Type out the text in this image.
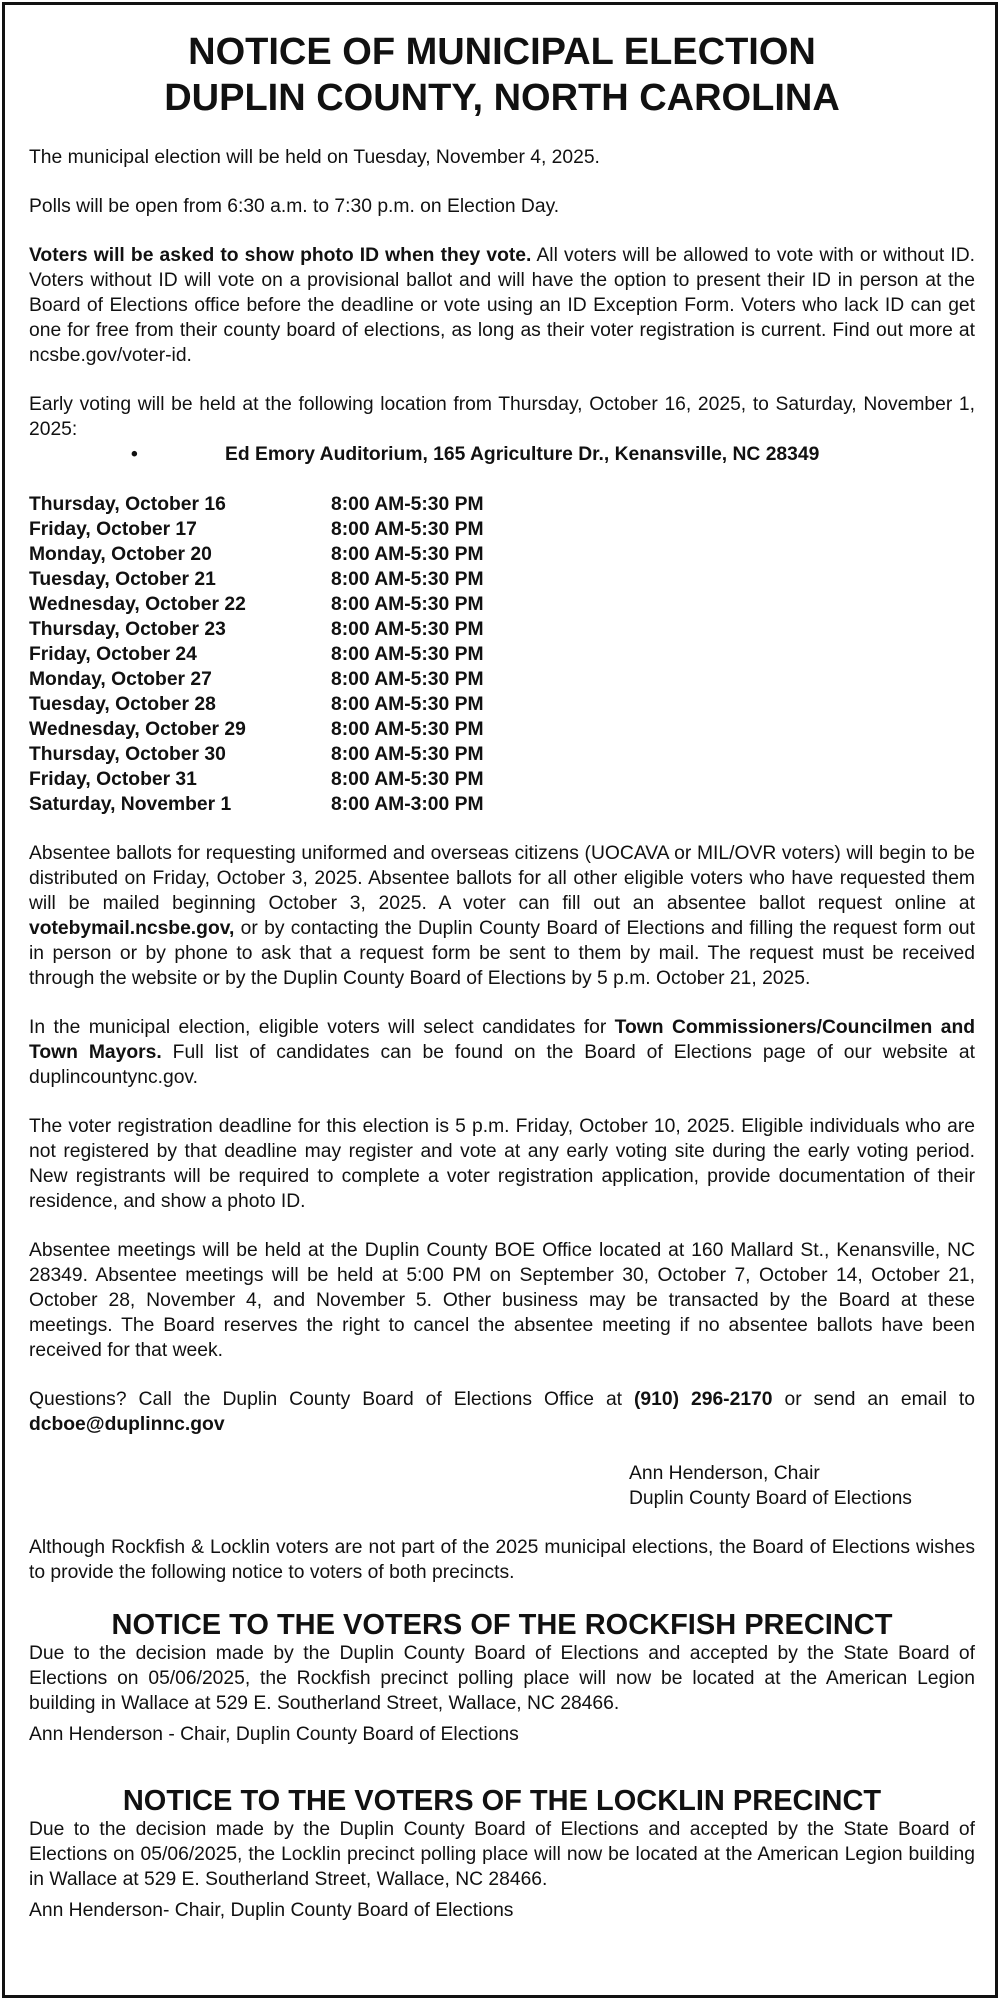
NOTICE OF MUNICIPAL ELECTION
DUPLIN COUNTY, NORTH CAROLINA

The municipal election will be held on Tuesday, November 4, 2025.

Polls will be open from 6:30 a.m. to 7:30 p.m. on Election Day.

Voters will be asked to show photo ID when they vote. All voters will be allowed to vote with or without ID. Voters without ID will vote on a provisional ballot and will have the option to present their ID in person at the Board of Elections office before the deadline or vote using an ID Exception Form. Voters who lack ID can get one for free from their county board of elections, as long as their voter registration is current. Find out more at ncsbe.gov/voter-id.

Early voting will be held at the following location from Thursday, October 16, 2025, to Saturday, November 1, 2025:

•	Ed Emory Auditorium, 165 Agriculture Dr., Kenansville, NC 28349
Thursday, October 16	8:00 AM-5:30 PM
Friday, October 17	8:00 AM-5:30 PM
Monday, October 20	8:00 AM-5:30 PM
Tuesday, October 21	8:00 AM-5:30 PM
Wednesday, October 22	8:00 AM-5:30 PM
Thursday, October 23	8:00 AM-5:30 PM
Friday, October 24	8:00 AM-5:30 PM
Monday, October 27	8:00 AM-5:30 PM
Tuesday, October 28	8:00 AM-5:30 PM
Wednesday, October 29	8:00 AM-5:30 PM
Thursday, October 30	8:00 AM-5:30 PM
Friday, October 31	8:00 AM-5:30 PM
Saturday, November 1	8:00 AM-3:00 PM

Absentee ballots for requesting uniformed and overseas citizens (UOCAVA or MIL/OVR voters) will begin to be distributed on Friday, October 3, 2025. Absentee ballots for all other eligible voters who have requested them will be mailed beginning October 3, 2025. A voter can fill out an absentee ballot request online at votebymail.ncsbe.gov, or by contacting the Duplin County Board of Elections and filling the request form out in person or by phone to ask that a request form be sent to them by mail. The request must be received through the website or by the Duplin County Board of Elections by 5 p.m. October 21, 2025.

In the municipal election, eligible voters will select candidates for Town Commissioners/Councilmen and Town Mayors. Full list of candidates can be found on the Board of Elections page of our website at duplincountync.gov.

The voter registration deadline for this election is 5 p.m. Friday, October 10, 2025. Eligible individuals who are not registered by that deadline may register and vote at any early voting site during the early voting period. New registrants will be required to complete a voter registration application, provide documentation of their residence, and show a photo ID.

Absentee meetings will be held at the Duplin County BOE Office located at 160 Mallard St., Kenansville, NC 28349. Absentee meetings will be held at 5:00 PM on September 30, October 7, October 14, October 21, October 28, November 4, and November 5. Other business may be transacted by the Board at these meetings. The Board reserves the right to cancel the absentee meeting if no absentee ballots have been received for that week.

Questions? Call the Duplin County Board of Elections Office at (910) 296-2170 or send an email to dcboe@duplinnc.gov

Ann Henderson, Chair
Duplin County Board of Elections

Although Rockfish & Locklin voters are not part of the 2025 municipal elections, the Board of Elections wishes to provide the following notice to voters of both precincts.

NOTICE TO THE VOTERS OF THE ROCKFISH PRECINCT

Due to the decision made by the Duplin County Board of Elections and accepted by the State Board of Elections on 05/06/2025, the Rockfish precinct polling place will now be located at the American Legion building in Wallace at 529 E. Southerland Street, Wallace, NC 28466.

Ann Henderson - Chair, Duplin County Board of Elections
NOTICE TO THE VOTERS OF THE LOCKLIN PRECINCT

Due to the decision made by the Duplin County Board of Elections and accepted by the State Board of Elections on 05/06/2025, the Locklin precinct polling place will now be located at the American Legion building in Wallace at 529 E. Southerland Street, Wallace, NC 28466.

Ann Henderson- Chair, Duplin County Board of Elections
